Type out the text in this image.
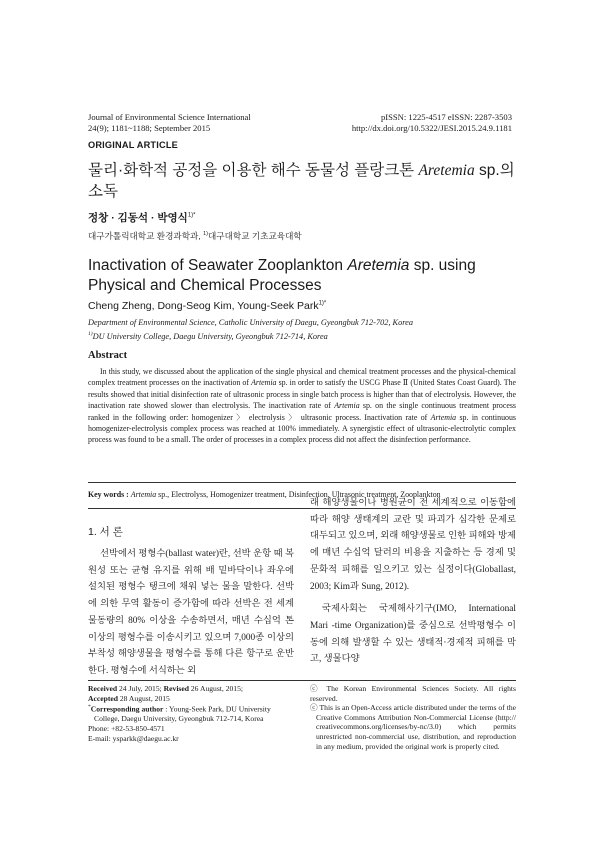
Journal of Environmental Science International
24(9); 1181~1188; September 2015
pISSN: 1225-4517 eISSN: 2287-3503
http://dx.doi.org/10.5322/JESI.2015.24.9.1181
ORIGINAL ARTICLE
물리·화학적 공정을 이용한 해수 동물성 플랑크톤 Aretemia sp.의 소독
정창 · 김동석 · 박영식$^{1)*}$
대구가톨릭대학교 환경과학과, $^{1)}$대구대학교 기초교육대학
Inactivation of Seawater Zooplankton Aretemia sp. using Physical and Chemical Processes
Cheng Zheng, Dong-Seog Kim, Young-Seek Park$^{1)*}$
Department of Environmental Science, Catholic University of Daegu, Gyeongbuk 712-702, Korea
$^{1)}$DU University College, Daegu University, Gyeongbuk 712-714, Korea
Abstract
In this study, we discussed about the application of the single physical and chemical treatment processes and the physical-chemical complex treatment processes on the inactivation of Artemia sp. in order to satisfy the USCG Phase Ⅱ (United States Coast Guard). The results showed that initial disinfection rate of ultrasonic process in single batch process is higher than that of electrolysis. However, the inactivation rate showed slower than electrolysis. The inactivation rate of Artemia sp. on the single continuous treatment process ranked in the following order: homogenizer 〉 electrolysis 〉 ultrasonic process. Inactivation rate of Artemia sp. in continuous homogenizer-electrolysis complex process was reached at 100% immediately. A synergistic effect of ultrasonic-electrolytic complex process was found to be a small. The order of processes in a complex process did not affect the disinfection performance.
Key words : Artemia sp., Electrolyss, Homogenizer treatment, Disinfection, Ultrasonic treatment, Zooplankton
1. 서 론

선박에서 평형수(ballast water)란, 선박 운항 때 복원성 또는 균형 유지를 위해 배 밑바닥이나 좌우에 설치된 평형수 탱크에 채워 넣는 물을 말한다. 선박에 의한 무역 활동이 증가함에 따라 선박은 전 세계 물동량의 80% 이상을 수송하면서, 매년 수십억 톤 이상의 평형수를 이송시키고 있으며 7,000종 이상의 부착성 해양생물을 평형수를 통해 다른 항구로 운반한다. 평형수에 서식하는 외

래 해양생물이나 병원균이 전 세계적으로 이동함에 따라 해양 생태계의 교란 및 파괴가 심각한 문제로 대두되고 있으며, 외래 해양생물로 인한 피해와 방제에 매년 수십억 달러의 비용을 지출하는 등 경제 및 문화적 피해를 일으키고 있는 실정이다(Globallast, 2003; Kim과 Sung, 2012).

국제사회는 국제해사기구(IMO, International Mari -time Organization)를 중심으로 선박평형수 이동에 의해 발생할 수 있는 생태적·경제적 피해를 막고, 생물다양

Received 24 July, 2015; Revised 26 August, 2015;

Accepted 28 August, 2015

*Corresponding author : Young-Seek Park, DU University College, Daegu University, Gyeongbuk 712-714, Korea

Phone: +82-53-850-4571

E-mail: ysparkk@daegu.ac.kr

ⓒ The Korean Environmental Sciences Society. All rights reserved.

ⓒ This is an Open-Access article distributed under the terms of the Creative Commons Attribution Non-Commercial License (http:// creativecommons.org/licenses/by-nc/3.0) which permits unrestricted non-commercial use, distribution, and reproduction in any medium, provided the original work is properly cited.
